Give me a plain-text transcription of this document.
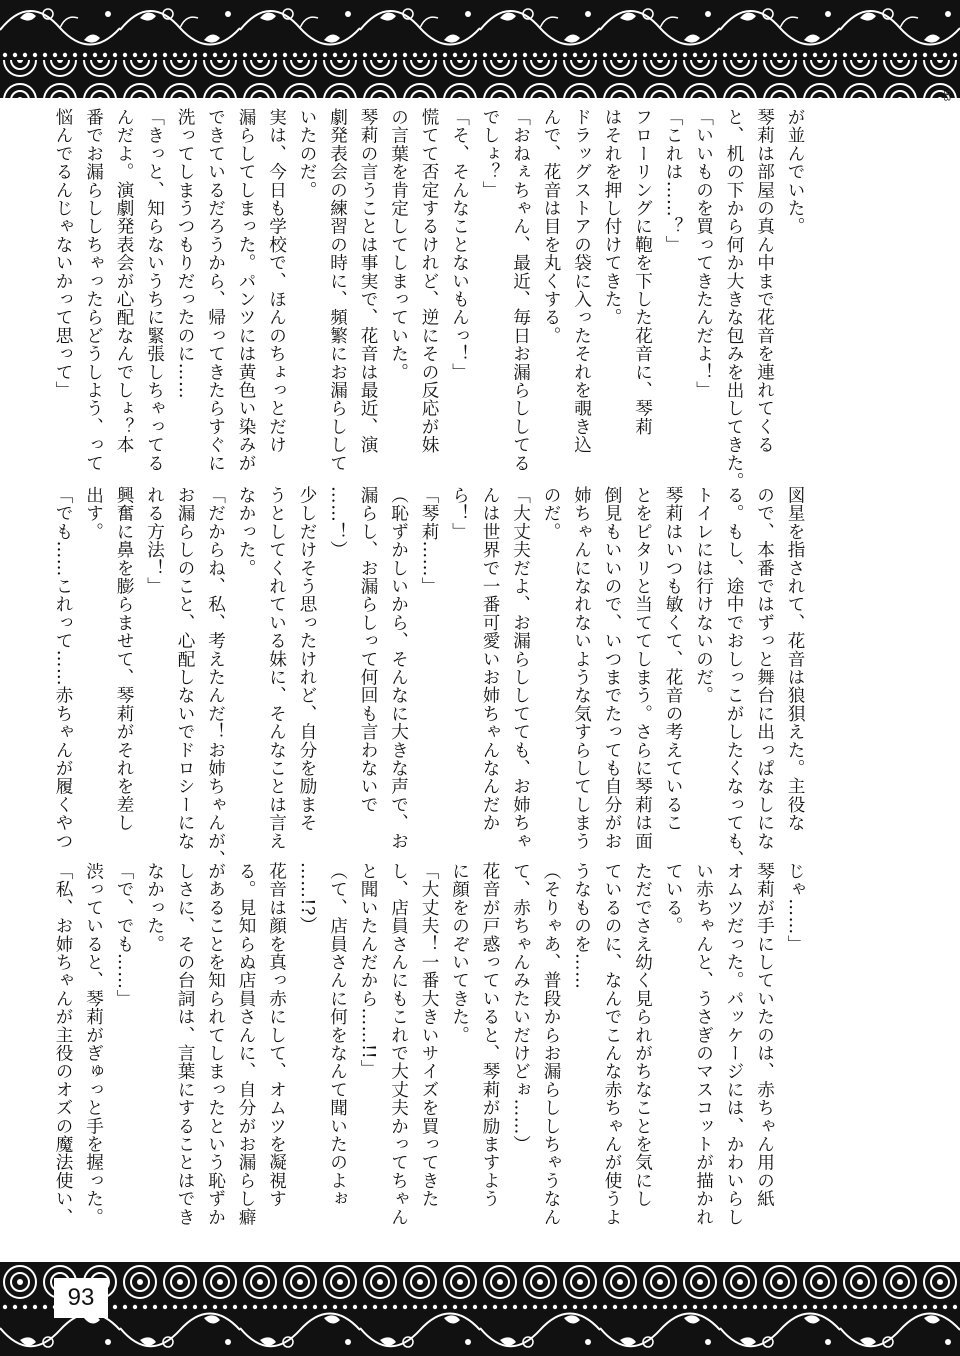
93

が並んでいた。

琴莉は部屋の真ん中まで花音を連れてくる

と、机の下から何か大きな包みを出してきた。

「いいものを買ってきたんだよ！」

「これは……？」

フローリングに鞄を下した花音に、琴莉

はそれを押し付けてきた。

ドラッグストアの袋に入ったそれを覗き込

んで、花音は目を丸くする。

「おねぇちゃん、最近、毎日お漏らししてる

でしょ？」

「そ、そんなことないもんっ！」

慌てて否定するけれど、逆にその反応が妹

の言葉を肯定してしまっていた。

琴莉の言うことは事実で、花音は最近、演

劇発表会の練習の時に、頻繁にお漏らしして

いたのだ。

実は、今日も学校で、ほんのちょっとだけ

漏らしてしまった。パンツには黄色い染みが

できているだろうから、帰ってきたらすぐに

洗ってしまうつもりだったのに……

「きっと、知らないうちに緊張しちゃってる

んだよ。演劇発表会が心配なんでしょ？本

番でお漏らししちゃったらどうしよう、って

悩んでるんじゃないかって思って」

図星を指されて、花音は狼狽えた。主役な

ので、本番ではずっと舞台に出っぱなしにな

る。もし、途中でおしっこがしたくなっても、

トイレには行けないのだ。

琴莉はいつも敏くて、花音の考えているこ

とをピタリと当ててしまう。さらに琴莉は面

倒見もいいので、いつまでたっても自分がお

姉ちゃんになれないような気すらしてしまう

のだ。

「大丈夫だよ、お漏らししてても、お姉ちゃ

んは世界で一番可愛いお姉ちゃんなんだか

ら！」

「琴莉……」

（恥ずかしいから、そんなに大きな声で、お

漏らし、お漏らしって何回も言わないで

……！）

少しだけそう思ったけれど、自分を励まそ

うとしてくれている妹に、そんなことは言え

なかった。

「だからね、私、考えたんだ！お姉ちゃんが、

お漏らしのこと、心配しないでドロシーにな

れる方法！」

興奮に鼻を膨らませて、琴莉がそれを差し

出す。

「でも……これって……赤ちゃんが履くやつ

じゃ……」

琴莉が手にしていたのは、赤ちゃん用の紙

オムツだった。パッケージには、かわいらし

い赤ちゃんと、うさぎのマスコットが描かれ

ている。

ただでさえ幼く見られがちなことを気にし

ているのに、なんでこんな赤ちゃんが使うよ

うなものを……

（そりゃあ、普段からお漏らししちゃうなん

て、赤ちゃんみたいだけどぉ……）

花音が戸惑っていると、琴莉が励ますよう

に顔をのぞいてきた。

「大丈夫！一番大きいサイズを買ってきた

し、店員さんにもこれで大丈夫かってちゃん

と聞いたんだから……!!」

（て、店員さんに何をなんて聞いたのよぉ

……!?）

花音は顔を真っ赤にして、オムツを凝視す

る。見知らぬ店員さんに、自分がお漏らし癖

があることを知られてしまったという恥ずか

しさに、その台詞は、言葉にすることはでき

なかった。

「で、でも……」

渋っていると、琴莉がぎゅっと手を握った。

「私、お姉ちゃんが主役のオズの魔法使い、

93
